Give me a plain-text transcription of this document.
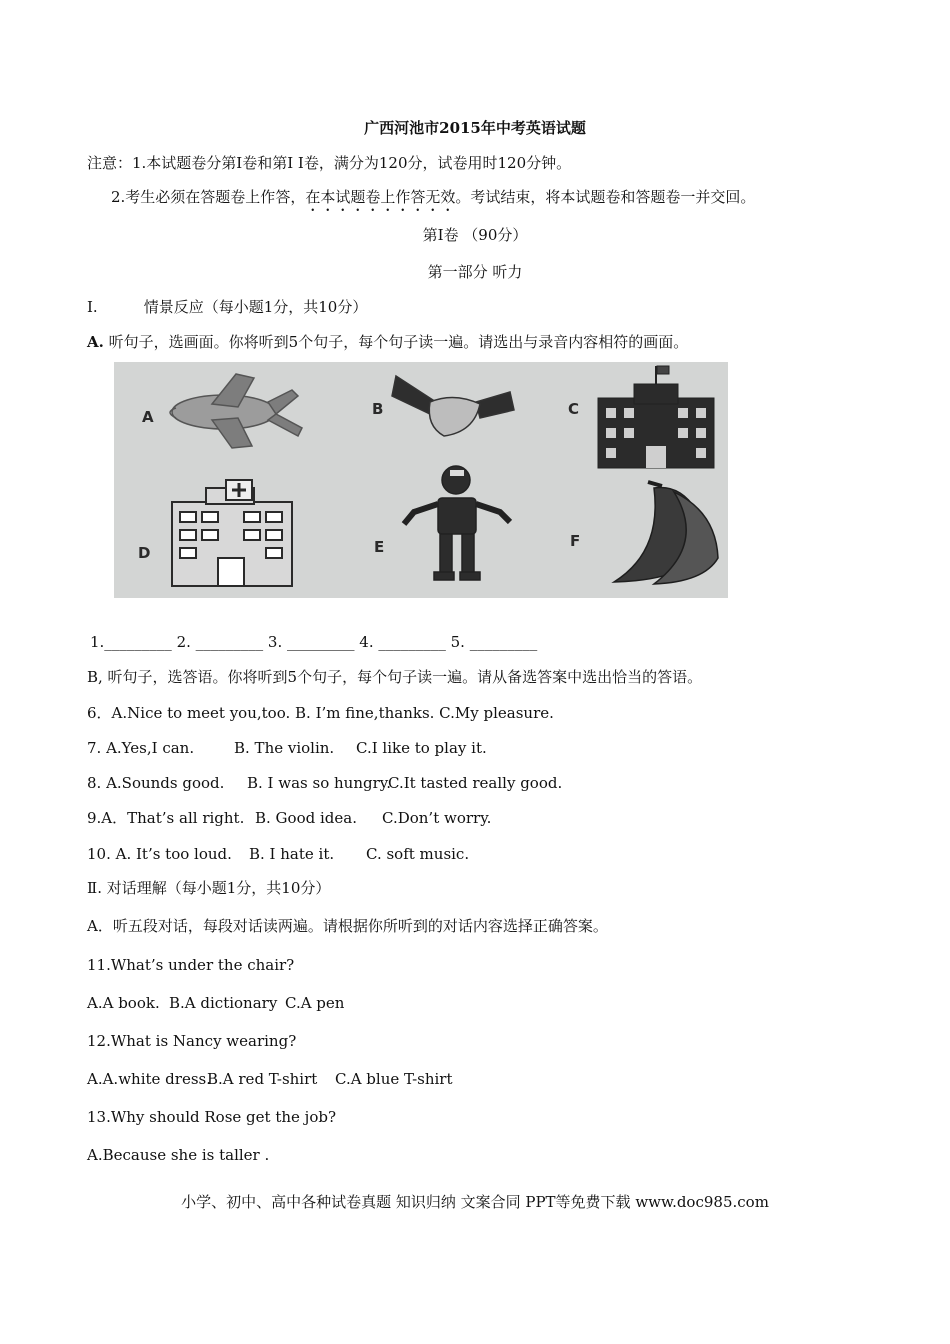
广西河池市2015年中考英语试题
注意：1.本试题卷分第I卷和第I I卷，满分为120分，试卷用时120分钟。
2.考生必须在答题卷上作答，在本试题卷上作答无效。考试结束，将本试题卷和答题卷一并交回。
第I卷 （90分）
第一部分 听力
I.	情景反应（每小题1分，共10分）
A. 听句子，选画面。你将听到5个句子，每个句子读一遍。请选出与录音内容相符的画面。
A	B	C
D	E	F
1._________ 2. _________ 3. _________ 4. _________ 5. _________
B, 听句子，选答语。你将听到5个句子，每个句子读一遍。请从备选答案中选出恰当的答语。
6．A.Nice to meet you,too. B. I’m fine,thanks. C.My pleasure.
7. A.Yes,I can.	B. The violin. C.I like to play it.
8. A.Sounds good. B. I was so hungry.C.It tasted really good.
9.A．That’s all right. B. Good idea. C.Don’t worry.
10. A. It’s too loud. B. I hate it. C. soft music.
Ⅱ. 对话理解（每小题1分，共10分）
A．听五段对话，每段对话读两遍。请根据你所听到的对话内容选择正确答案。
11.What’s under the chair?
A.A book. B.A dictionary C.A pen
12.What is Nancy wearing?
A.A.white dress.B.A red T-shirt C.A blue T-shirt
13.Why should Rose get the job?
A.Because she is taller .
小学、初中、高中各种试卷真题 知识归纳 文案合同 PPT等免费下载 www.doc985.com
